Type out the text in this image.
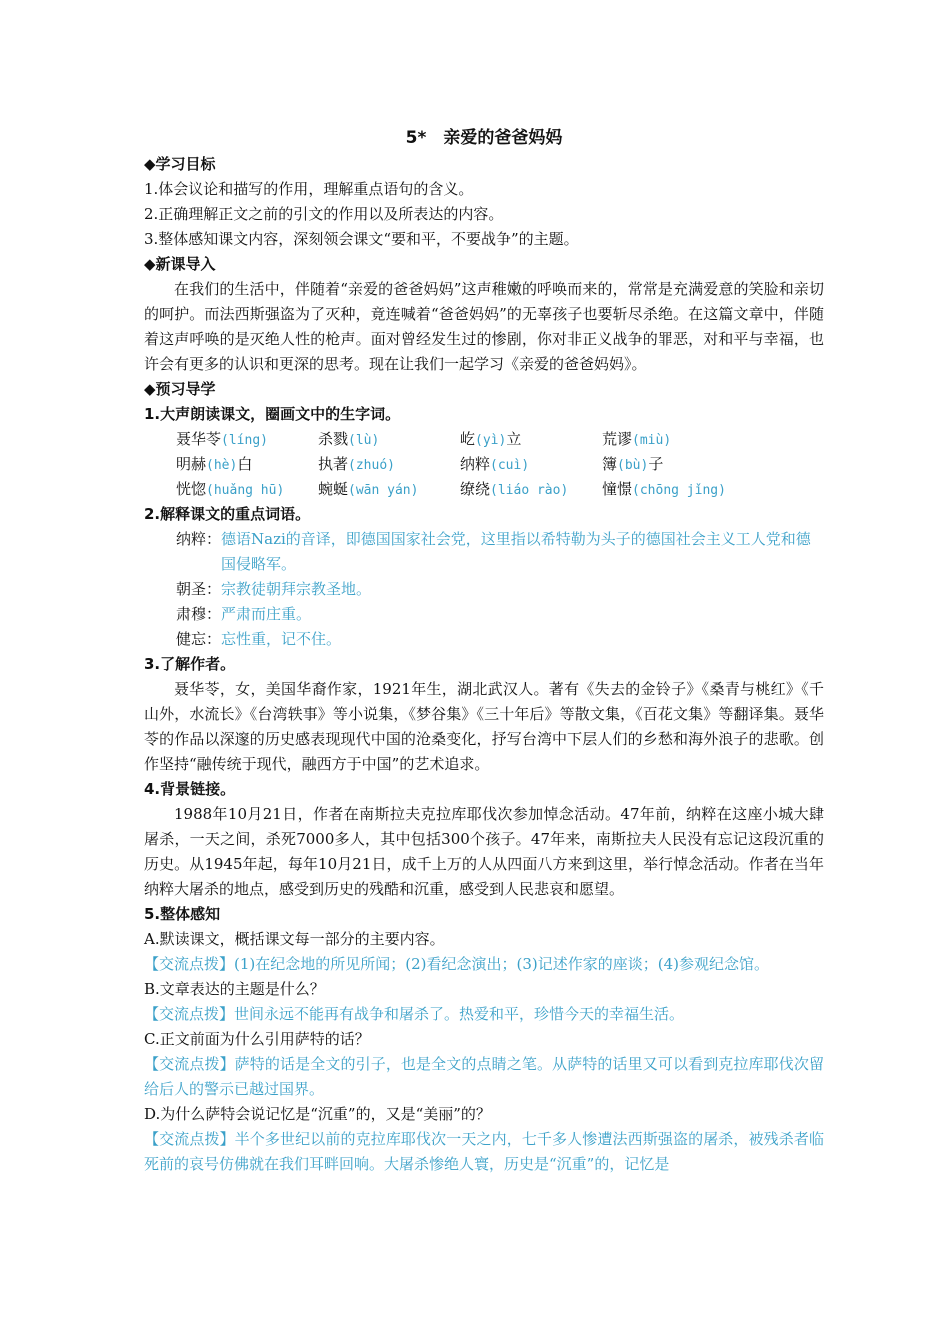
5*　亲爱的爸爸妈妈
◆学习目标
1.体会议论和描写的作用，理解重点语句的含义。
2.正确理解正文之前的引文的作用以及所表达的内容。
3.整体感知课文内容，深刻领会课文“要和平，不要战争”的主题。
◆新课导入
在我们的生活中，伴随着“亲爱的爸爸妈妈”这声稚嫩的呼唤而来的，常常是充满爱意的笑脸和亲切的呵护。而法西斯强盗为了灭种，竟连喊着“爸爸妈妈”的无辜孩子也要斩尽杀绝。在这篇文章中，伴随着这声呼唤的是灭绝人性的枪声。面对曾经发生过的惨剧，你对非正义战争的罪恶，对和平与幸福，也许会有更多的认识和更深的思考。现在让我们一起学习《亲爱的爸爸妈妈》。
◆预习导学
1.大声朗读课文，圈画文中的生字词。
聂华苓(líng)	杀戮(lù)	屹(yì)立	荒谬(miù)
明赫(hè)白	执著(zhuó)	纳粹(cuì)	簿(bù)子
恍惚(huǎng hū) 蜿蜒(wān yán)	缭绕(liáo rào) 憧憬(chōng jǐng)
2.解释课文的重点词语。
纳粹： 德语Nazi的音译，即德国国家社会党，这里指以希特勒为头子的德国社会主义工人党和德国侵略军。
朝圣： 宗教徒朝拜宗教圣地。
肃穆： 严肃而庄重。
健忘： 忘性重，记不住。
3.了解作者。
聂华苓，女，美国华裔作家，1921年生，湖北武汉人。著有《失去的金铃子》《桑青与桃红》《千山外，水流长》《台湾轶事》等小说集，《梦谷集》《三十年后》等散文集，《百花文集》等翻译集。聂华苓的作品以深邃的历史感表现现代中国的沧桑变化，抒写台湾中下层人们的乡愁和海外浪子的悲歌。创作坚持“融传统于现代，融西方于中国”的艺术追求。
4.背景链接。
1988年10月21日，作者在南斯拉夫克拉库耶伐次参加悼念活动。47年前，纳粹在这座小城大肆屠杀，一天之间，杀死7000多人，其中包括300个孩子。47年来，南斯拉夫人民没有忘记这段沉重的历史。从1945年起，每年10月21日，成千上万的人从四面八方来到这里，举行悼念活动。作者在当年纳粹大屠杀的地点，感受到历史的残酷和沉重，感受到人民悲哀和愿望。
5.整体感知
A.默读课文，概括课文每一部分的主要内容。
【交流点拨】(1)在纪念地的所见所闻；(2)看纪念演出；(3)记述作家的座谈；(4)参观纪念馆。
B.文章表达的主题是什么？
【交流点拨】世间永远不能再有战争和屠杀了。热爱和平，珍惜今天的幸福生活。
C.正文前面为什么引用萨特的话？
【交流点拨】萨特的话是全文的引子，也是全文的点睛之笔。从萨特的话里又可以看到克拉库耶伐次留给后人的警示已越过国界。
D.为什么萨特会说记忆是“沉重”的，又是“美丽”的？
【交流点拨】半个多世纪以前的克拉库耶伐次一天之内，七千多人惨遭法西斯强盗的屠杀，被残杀者临死前的哀号仿佛就在我们耳畔回响。大屠杀惨绝人寰，历史是“沉重”的，记忆是
